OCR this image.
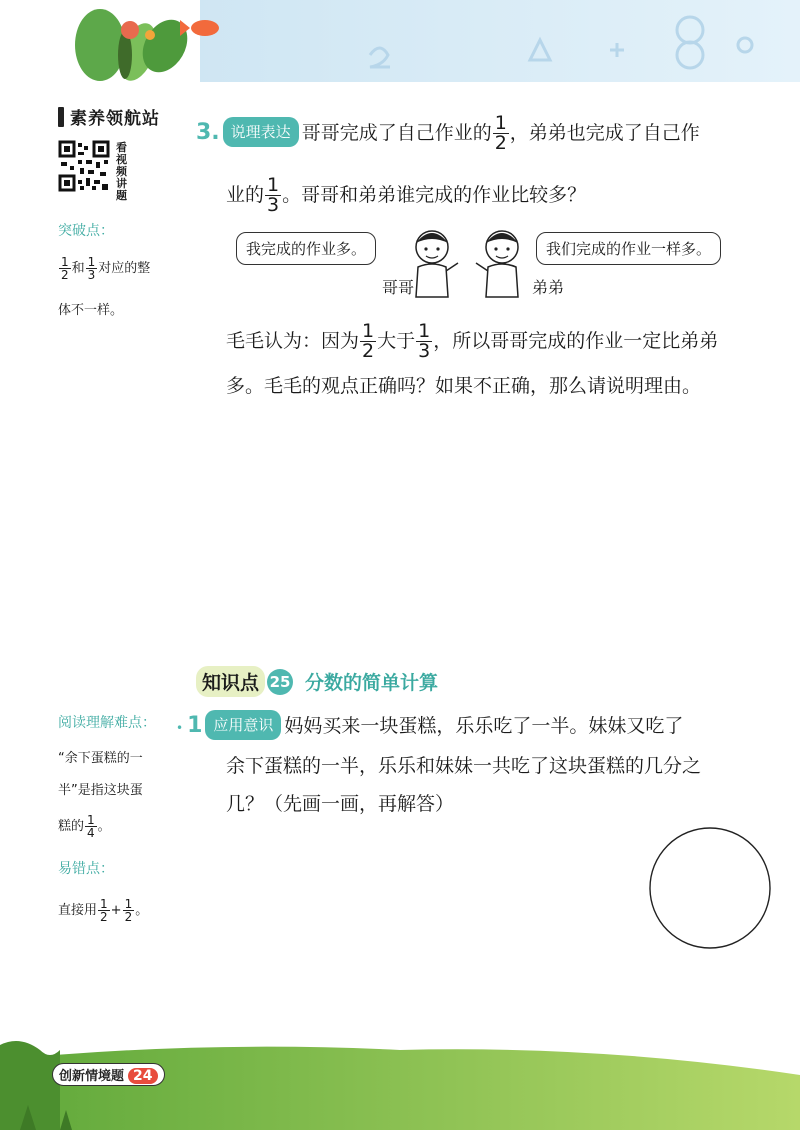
素养领航站
看视频讲题
突破点：
$\frac{1}{2}$ 和 $\frac{1}{3}$ 对应的整
体不一样。
阅读理解难点：
“余下蛋糕的一
半”是指这块蛋
糕的 $\frac{1}{4}$ 。
易错点：
直接用 $\frac{1}{2} + \frac{1}{2}$ 。
3. 说理表达 哥哥完成了自己作业的 $\frac{1}{2}$ ，弟弟也完成了自己作
业的 $\frac{1}{3}$ 。哥哥和弟弟谁完成的作业比较多？
我完成的作业多。	我们完成的作业一样多。
哥哥	弟弟
毛毛认为：因为 $\frac{1}{2}$ 大于 $\frac{1}{3}$ ，所以哥哥完成的作业一定比弟弟
多。毛毛的观点正确吗？如果不正确，那么请说明理由。
知识点 25 分数的简单计算
• 1 应用意识 妈妈买来一块蛋糕，乐乐吃了一半。妹妹又吃了
余下蛋糕的一半，乐乐和妹妹一共吃了这块蛋糕的几分之
几？（先画一画，再解答）
创新情境题 24
